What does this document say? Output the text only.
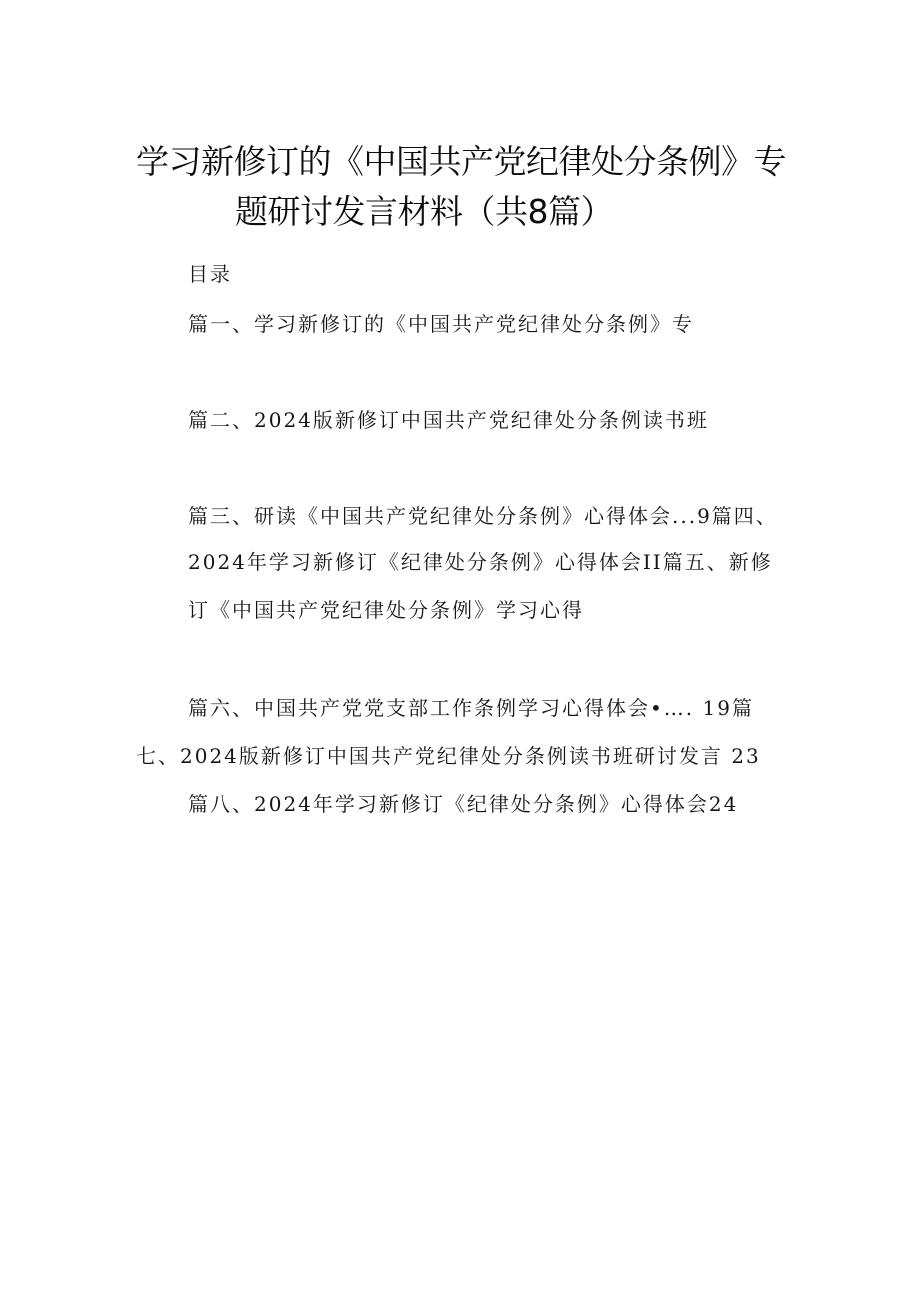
学习新修订的《中国共产党纪律处分条例》专
题研讨发言材料（共8篇）
目录
篇一、学习新修订的《中国共产党纪律处分条例》专
篇二、2024版新修订中国共产党纪律处分条例读书班
篇三、研读《中国共产党纪律处分条例》心得体会...9篇四、
2024年学习新修订《纪律处分条例》心得体会II篇五、新修
订《中国共产党纪律处分条例》学习心得
篇六、中国共产党党支部工作条例学习心得体会•…. 19篇
七、2024版新修订中国共产党纪律处分条例读书班研讨发言 23
篇八、2024年学习新修订《纪律处分条例》心得体会24
